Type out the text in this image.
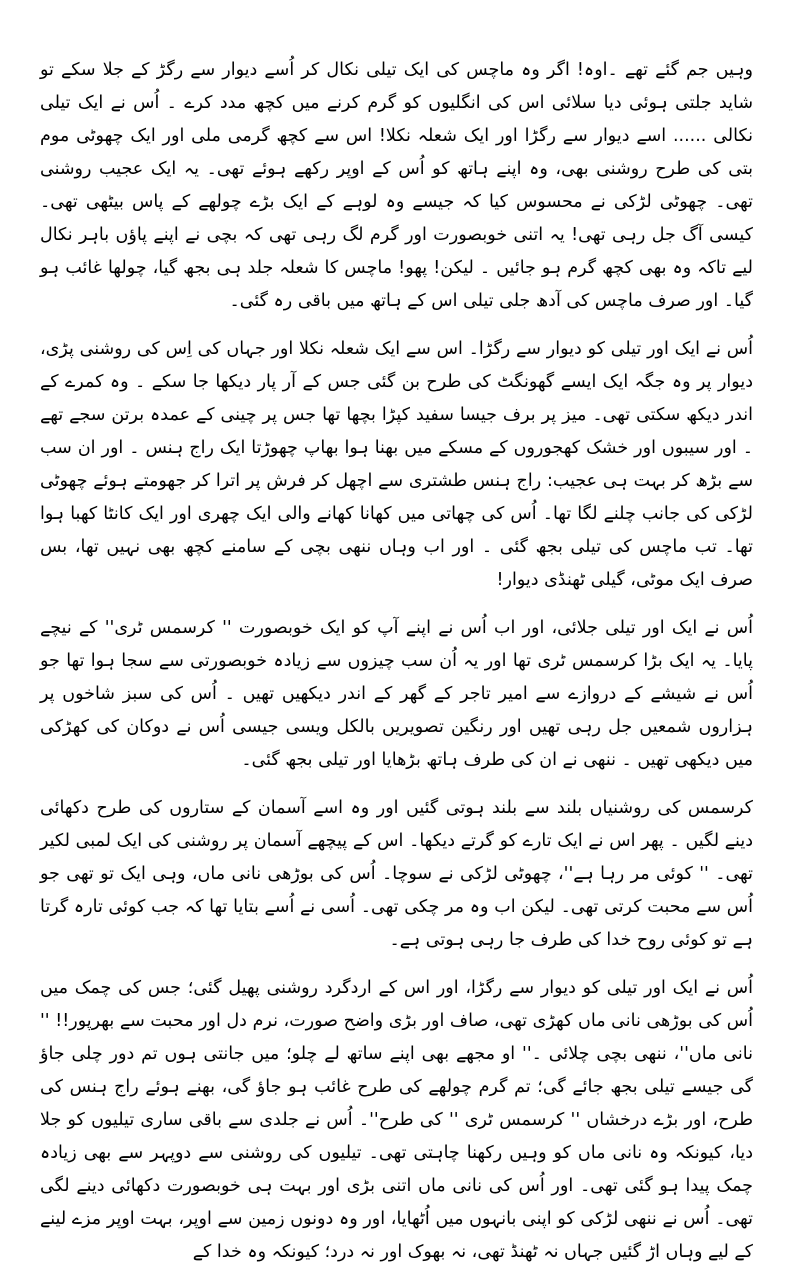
وہیں جم گئے تھے ۔اوہ! اگر وہ ماچس کی ایک تیلی نکال کر اُسے دیوار سے رگڑ کے جلا سکے تو شاید جلتی ہوئی دیا سلائی اس کی انگلیوں کو گرم کرنے میں کچھ مدد کرے ۔ اُس نے ایک تیلی نکالی ...... اسے دیوار سے رگڑا اور ایک شعلہ نکلا! اس سے کچھ گرمی ملی اور ایک چھوٹی موم بتی کی طرح روشنی بھی، وہ اپنے ہاتھ کو اُس کے اوپر رکھے ہوئے تھی۔ یہ ایک عجیب روشنی تھی۔ چھوٹی لڑکی نے محسوس کیا کہ جیسے وہ لوہے کے ایک بڑے چولھے کے پاس بیٹھی تھی۔ کیسی آگ جل رہی تھی! یہ اتنی خوبصورت اور گرم لگ رہی تھی کہ بچی نے اپنے پاؤں باہر نکال لیے تاکہ وہ بھی کچھ گرم ہو جائیں ۔ لیکن! پھو! ماچس کا شعلہ جلد ہی بجھ گیا، چولھا غائب ہو گیا۔ اور صرف ماچس کی آدھ جلی تیلی اس کے ہاتھ میں باقی رہ گئی۔

اُس نے ایک اور تیلی کو دیوار سے رگڑا۔ اس سے ایک شعلہ نکلا اور جہاں کی اِس کی روشنی پڑی، دیوار پر وہ جگہ ایک ایسے گھونگٹ کی طرح بن گئی جس کے آر پار دیکھا جا سکے ۔ وہ کمرے کے اندر دیکھ سکتی تھی۔ میز پر برف جیسا سفید کپڑا بچھا تھا جس پر چینی کے عمدہ برتن سجے تھے ۔ اور سیبوں اور خشک کھجوروں کے مسکے میں بھنا ہوا بھاپ چھوڑتا ایک راج ہنس ۔ اور ان سب سے بڑھ کر بہت ہی عجیب: راج ہنس طشتری سے اچھل کر فرش پر اترا کر جھومتے ہوئے چھوٹی لڑکی کی جانب چلنے لگا تھا۔ اُس کی چھاتی میں کھانا کھانے والی ایک چھری اور ایک کانٹا کھبا ہوا تھا۔ تب ماچس کی تیلی بجھ گئی ۔ اور اب وہاں ننھی بچی کے سامنے کچھ بھی نہیں تھا، بس صرف ایک موٹی، گیلی ٹھنڈی دیوار!

اُس نے ایک اور تیلی جلائی، اور اب اُس نے اپنے آپ کو ایک خوبصورت '' کرسمس ٹری'' کے نیچے پایا۔ یہ ایک بڑا کرسمس ٹری تھا اور یہ اُن سب چیزوں سے زیادہ خوبصورتی سے سجا ہوا تھا جو اُس نے شیشے کے دروازے سے امیر تاجر کے گھر کے اندر دیکھیں تھیں ۔ اُس کی سبز شاخوں پر ہزاروں شمعیں جل رہی تھیں اور رنگین تصویریں بالکل ویسی جیسی اُس نے دوکان کی کھڑکی میں دیکھی تھیں ۔ ننھی نے ان کی طرف ہاتھ بڑھایا اور تیلی بجھ گئی۔

کرسمس کی روشنیاں بلند سے بلند ہوتی گئیں اور وہ اسے آسمان کے ستاروں کی طرح دکھائی دینے لگیں ۔ پھر اس نے ایک تارے کو گرتے دیکھا۔ اس کے پیچھے آسمان پر روشنی کی ایک لمبی لکیر تھی۔ '' کوئی مر رہا ہے''، چھوٹی لڑکی نے سوچا۔ اُس کی بوڑھی نانی ماں، وہی ایک تو تھی جو اُس سے محبت کرتی تھی۔ لیکن اب وہ مر چکی تھی۔ اُسی نے اُسے بتایا تھا کہ جب کوئی تارہ گرتا ہے تو کوئی روح خدا کی طرف جا رہی ہوتی ہے۔

اُس نے ایک اور تیلی کو دیوار سے رگڑا، اور اس کے اردگرد روشنی پھیل گئی؛ جس کی چمک میں اُس کی بوڑھی نانی ماں کھڑی تھی، صاف اور بڑی واضح صورت، نرم دل اور محبت سے بھرپور!! '' نانی ماں''، ننھی بچی چلائی ۔'' او مجھے بھی اپنے ساتھ لے چلو؛ میں جانتی ہوں تم دور چلی جاؤ گی جیسے تیلی بجھ جائے گی؛ تم گرم چولھے کی طرح غائب ہو جاؤ گی، بھنے ہوئے راج ہنس کی طرح، اور بڑے درخشاں '' کرسمس ٹری '' کی طرح''۔ اُس نے جلدی سے باقی ساری تیلیوں کو جلا دیا، کیونکہ وہ نانی ماں کو وہیں رکھنا چاہتی تھی۔ تیلیوں کی روشنی سے دوپہر سے بھی زیادہ چمک پیدا ہو گئی تھی۔ اور اُس کی نانی ماں اتنی بڑی اور بہت ہی خوبصورت دکھائی دینے لگی تھی۔ اُس نے ننھی لڑکی کو اپنی بانہوں میں اُٹھایا، اور وہ دونوں زمین سے اوپر، بہت اوپر مزے لینے کے لیے وہاں اڑ گئیں جہاں نہ ٹھنڈ تھی، نہ بھوک اور نہ درد؛ کیونکہ وہ خدا کے
